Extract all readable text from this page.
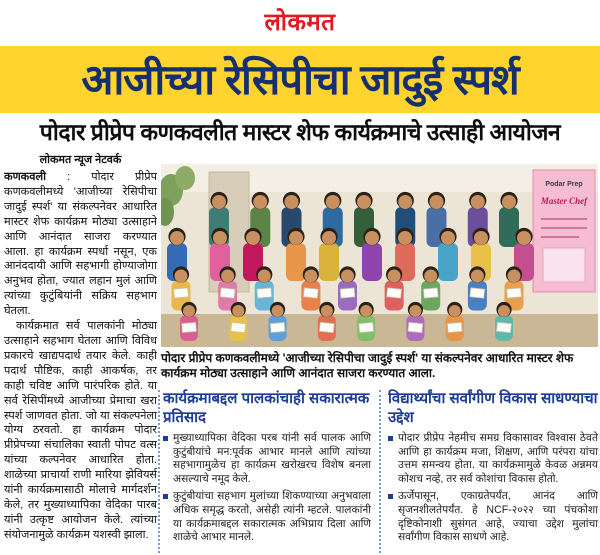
लोकमत
आजीच्या रेसिपीचा जादुई स्पर्श
पोदार प्रीप्रेप कणकवलीत मास्टर शेफ कार्यक्रमाचे उत्साही आयोजन
लोकमत न्यूज नेटवर्क

कणकवली : पोदार प्रीप्रेप कणकवलीमध्ये 'आजीच्या रेसिपीचा जादुई स्पर्श' या संकल्पनेवर आधारित मास्टर शेफ कार्यक्रम मोठ्या उत्साहाने आणि आनंदात साजरा करण्यात आला. हा कार्यक्रम स्पर्धा नसून, एक आनंददायी आणि सहभागी होण्याजोगा अनुभव होता, ज्यात लहान मुलं आणि त्यांच्या कुटुंबियांनी सक्रिय सहभाग घेतला.

कार्यक्रमात सर्व पालकांनी मोठ्या उत्साहाने सहभाग घेतला आणि विविध प्रकारचे खाद्यपदार्थ तयार केले. काही पदार्थ पौष्टिक, काही आकर्षक, तर काही चविष्ट आणि पारंपरिक होते. या सर्व रेसिपींमध्ये आजीच्या प्रेमाचा खरा स्पर्श जाणवत होता. जो या संकल्पनेला योग्य ठरवतो. हा कार्यक्रम पोदार प्रीप्रेपच्या संचालिका स्वाती पोपट वत्स यांच्या कल्पनेवर आधारित होता. शाळेच्या प्राचार्या राणी मारिया झेवियर्स यांनी कार्यक्रमासाठी मोलाचे मार्गदर्शन केले, तर मुख्याध्यापिका वेदिका पारब यांनी उत्कृष्ट आयोजन केले. त्यांच्या संयोजनामुळे कार्यक्रम यशस्वी झाला.

Podar Prep
Master Chef
पोदार प्रीप्रेप कणकवलीमध्ये 'आजीच्या रेसिपीचा जादुई स्पर्श' या संकल्पनेवर आधारित मास्टर शेफ कार्यक्रम मोठ्या उत्साहाने आणि आनंदात साजरा करण्यात आला.
कार्यक्रमाबद्दल पालकांचाही सकारात्मक प्रतिसाद
मुख्याध्यापिका वेदिका परब यांनी सर्व पालक आणि कुटुंबीयांचे मन:पूर्वक आभार मानले आणि त्यांच्या सहभागामुळेच हा कार्यक्रम खरोखरच विशेष बनला असल्याचे नमूद केले.
कुटुंबीयांचा सहभाग मुलांच्या शिकण्याच्या अनुभवाला अधिक समृद्ध करतो, असेही त्यांनी म्हटले. पालकांनी या कार्यक्रमाबद्दल सकारात्मक अभिप्राय दिला आणि शाळेचे आभार मानले.
विद्यार्थ्यांचा सर्वांगीण विकास साधण्याचा उद्देश
पोदार प्रीप्रेप नेहमीच समग्र विकासावर विश्वास ठेवते आणि हा कार्यक्रम मजा, शिक्षण, आणि परंपरा यांचा उत्तम समन्वय होता. या कार्यक्रमामुळे केवळ अन्नमय कोशच नव्हे, तर सर्व कोशांचा विकास होतो.
ऊर्जेपासून, एकाग्रतेपर्यंत, आनंद आणि सृजनशीलतेपर्यंत. हे NCF-२०२२ च्या पंचकोशा दृष्टिकोनाशी सुसंगत आहे, ज्याचा उद्देश मुलांचा सर्वांगीण विकास साधणे आहे.
